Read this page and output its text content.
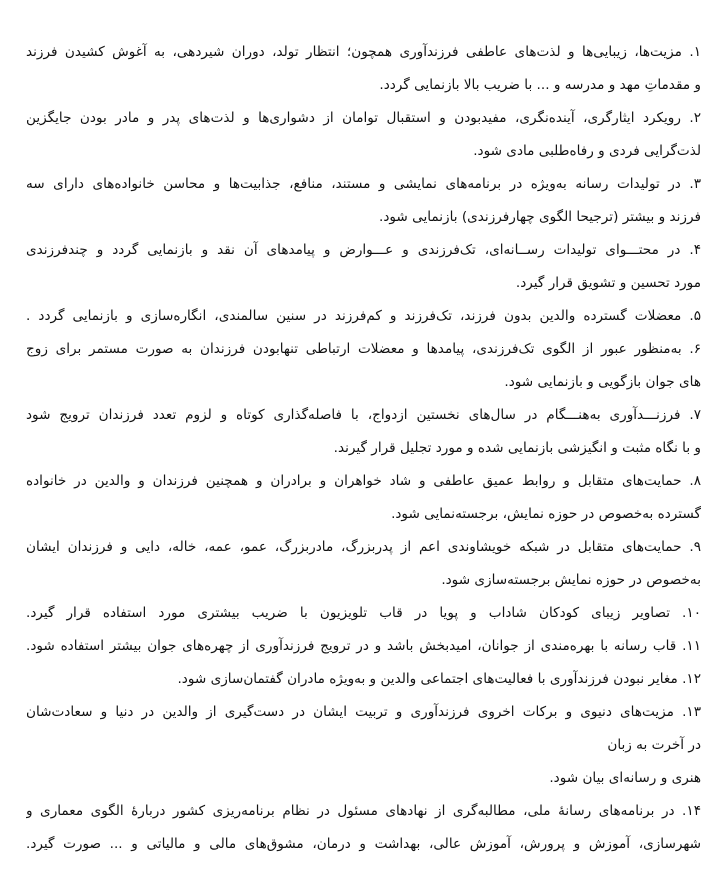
۱. مزیت‌ها، زیبایی‌ها و لذت‌های عاطفی فرزندآوری همچون؛ انتظار تولد، دوران شیردهی، به آغوش کشیدن فرزند
و مقدماتِ مهد و مدرسه و ... با ضریب بالا بازنمایی گردد.

۲. رویکرد ایثارگری، آینده‌نگری، مفیدبودن و استقبال توامان از دشواری‌ها و لذت‌های پدر و مادر بودن جایگزین
لذت‌گرایی فردی و رفاه‌طلبی مادی شود.

۳. در تولیدات رسانه به‌ویژه در برنامه‌های نمایشی و مستند، منافع، جذابیت‌ها و محاسن خانواده‌های دارای سه
فرزند و بیشتر (ترجیحا الگوی چهارفرزندی) بازنمایی شود.

۴. در محتـــوای تولیدات رســانه‌ای، تک‌فرزندی و عـــوارض و پیامدهای آن نقد و بازنمایی گردد و چندفرزندی
مورد تحسین و تشویق قرار گیرد.

۵. معضلات گسترده والدین بدون فرزند، تک‌فرزند و کم‌فرزند در سنین سالمندی، انگاره‌سازی و بازنمایی گردد .

۶. به‌منظور عبور از الگوی تک‌فرزندی، پیامدها و معضلات ارتباطی تنهابودن فرزندان به صورت مستمر برای زوج
های جوان بازگویی و بازنمایی شود.

۷. فرزنـــدآوری به‌هنـــگام در سال‌های نخستین ازدواج، با فاصله‌گذاری کوتاه و لزوم تعدد فرزندان ترویج شود
و با نگاه مثبت و انگیزشی بازنمایی شده و مورد تجلیل قرار گیرند.

۸. حمایت‌های متقابل و روابط عمیق عاطفی و شاد خواهران و برادران و همچنین فرزندان و والدین در خانواده
گسترده به‌خصوص در حوزه نمایش، برجسته‌نمایی شود.

۹. حمایت‌های متقابل در شبکه خویشاوندی اعم از پدربزرگ، مادربزرگ، عمو، عمه، خاله، دایی و فرزندان ایشان
به‌خصوص در حوزه نمایش برجسته‌سازی شود.

۱۰. تصاویر زیبای کودکان شاداب و پویا در قاب تلویزیون با ضریب بیشتری مورد استفاده قرار گیرد.

۱۱. قاب رسانه با بهره‌مندی از جوانان، امیدبخش باشد و در ترویج فرزندآوری از چهره‌های جوان بیشتر استفاده شود.

۱۲. مغایر نبودن فرزندآوری با فعالیت‌های اجتماعی والدین و به‌ویژه مادران گفتمان‌سازی شود.

۱۳. مزیت‌های دنیوی و برکات اخروی فرزندآوری و تربیت ایشان در دست‌گیری از والدین در دنیا و سعادت‌شان
در آخرت به زبان
هنری و رسانه‌ای بیان شود.

۱۴. در برنامه‌های رسانهٔ ملی، مطالبه‌گری از نهادهای مسئول در نظام برنامه‌ریزی کشور دربارهٔ الگوی معماری و
شهرسازی، آموزش و پرورش، آموزش عالی، بهداشت و درمان، مشوق‌های مالی و مالیاتی و ... صورت گیرد.
